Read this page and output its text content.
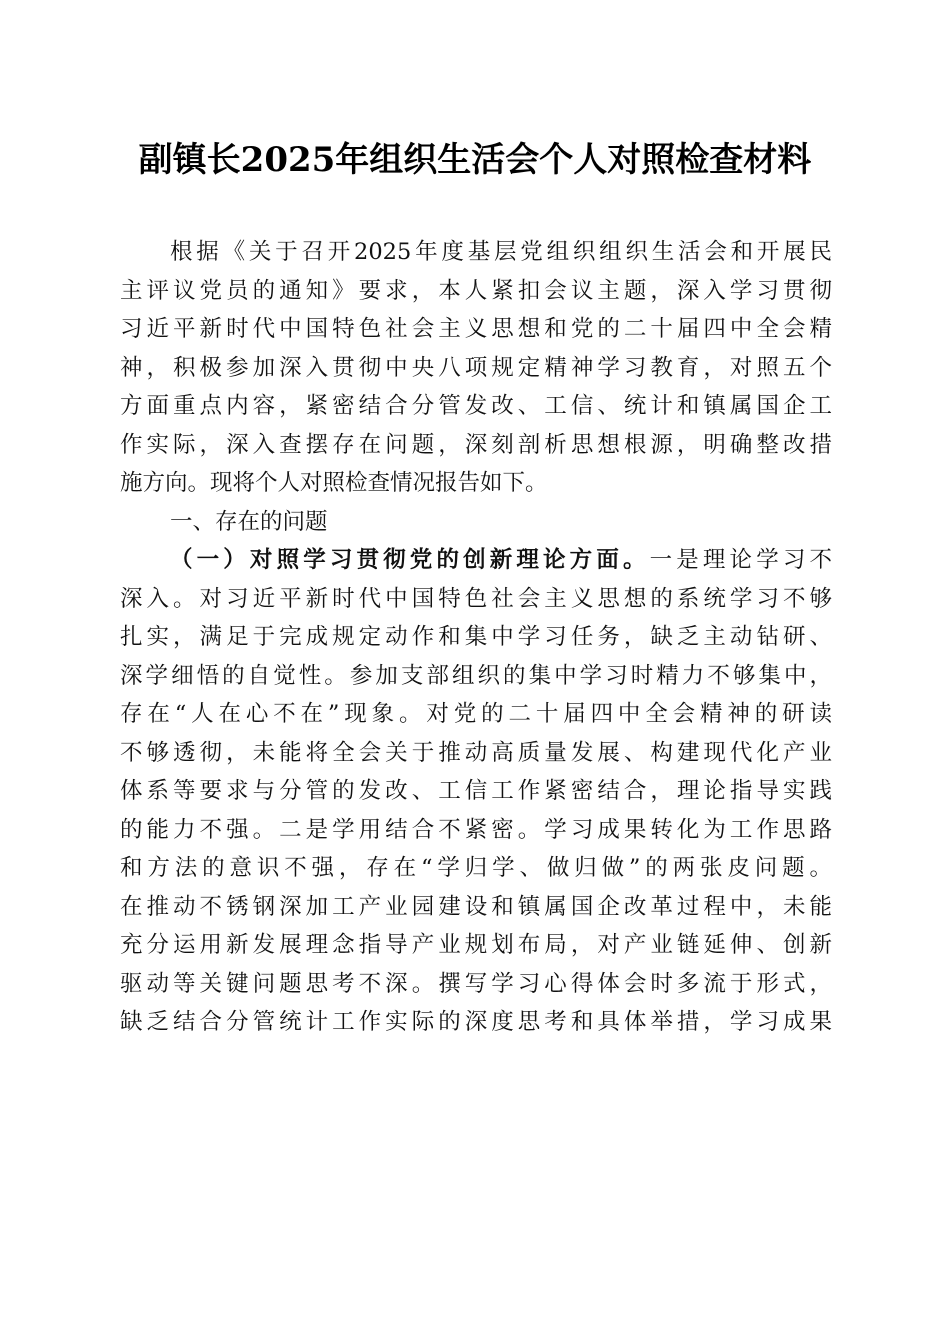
副镇长2025年组织生活会个人对照检查材料
根据《关于召开2025年度基层党组织组织生活会和开展民
主评议党员的通知》要求，本人紧扣会议主题，深入学习贯彻
习近平新时代中国特色社会主义思想和党的二十届四中全会精
神，积极参加深入贯彻中央八项规定精神学习教育，对照五个
方面重点内容，紧密结合分管发改、工信、统计和镇属国企工
作实际，深入查摆存在问题，深刻剖析思想根源，明确整改措
施方向。现将个人对照检查情况报告如下。
一、存在的问题
（一）对照学习贯彻党的创新理论方面。一是理论学习不
深入。对习近平新时代中国特色社会主义思想的系统学习不够
扎实，满足于完成规定动作和集中学习任务，缺乏主动钻研、
深学细悟的自觉性。参加支部组织的集中学习时精力不够集中，
存在“人在心不在”现象。对党的二十届四中全会精神的研读
不够透彻，未能将全会关于推动高质量发展、构建现代化产业
体系等要求与分管的发改、工信工作紧密结合，理论指导实践
的能力不强。二是学用结合不紧密。学习成果转化为工作思路
和方法的意识不强，存在“学归学、做归做”的两张皮问题。
在推动不锈钢深加工产业园建设和镇属国企改革过程中，未能
充分运用新发展理念指导产业规划布局，对产业链延伸、创新
驱动等关键问题思考不深。撰写学习心得体会时多流于形式，
缺乏结合分管统计工作实际的深度思考和具体举措，学习成果
